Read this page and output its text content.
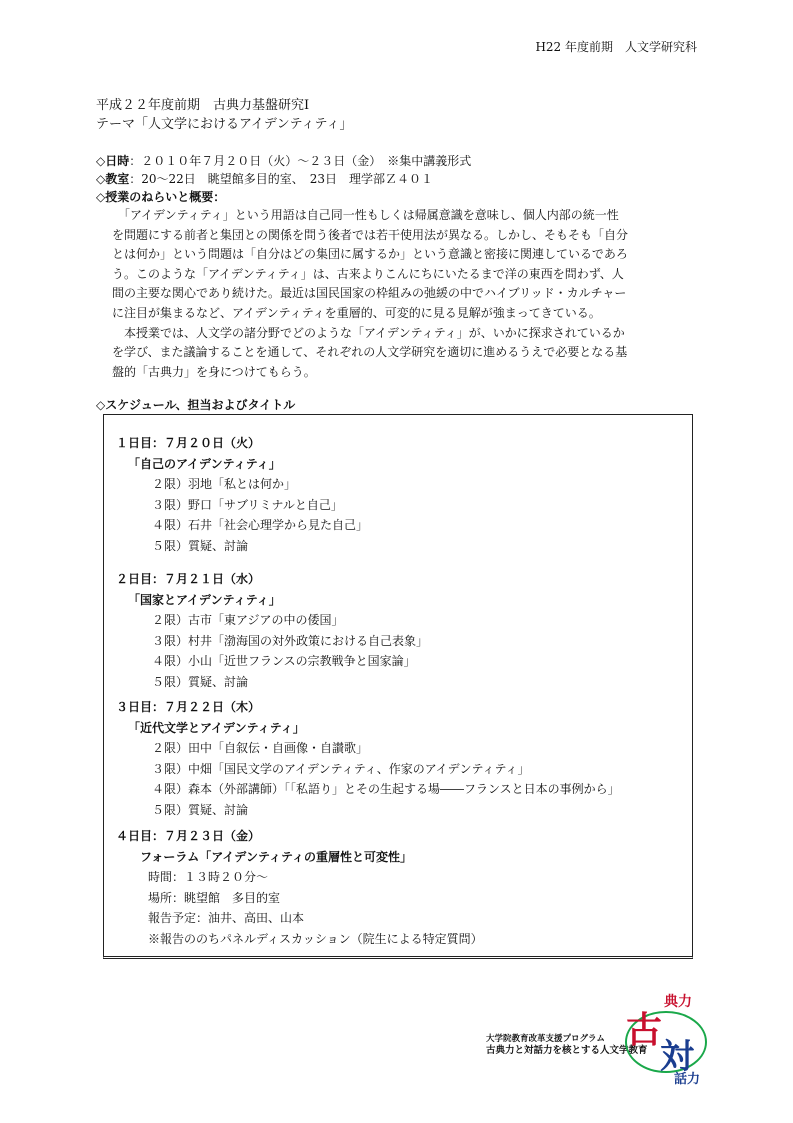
H22 年度前期　人文学研究科
平成２２年度前期　古典力基盤研究Ⅰ
テーマ「人文学におけるアイデンティティ」

◇日時：２０１０年７月２０日（火）～２３日（金）　※集中講義形式

◇教室：20～22日　眺望館多目的室、　23日　理学部Ｚ４０１

◇授業のねらいと概要：

　「アイデンティティ」という用語は自己同一性もしくは帰属意識を意味し、個人内部の統一性
を問題にする前者と集団との関係を問う後者では若干使用法が異なる。しかし、そもそも「自分
とは何か」という問題は「自分はどの集団に属するか」という意識と密接に関連しているであろ
う。このような「アイデンティティ」は、古来よりこんにちにいたるまで洋の東西を問わず、人
間の主要な関心であり続けた。最近は国民国家の枠組みの弛緩の中でハイブリッド・カルチャー
に注目が集まるなど、アイデンティティを重層的、可変的に見る見解が強まってきている。
　本授業では、人文学の諸分野でどのような「アイデンティティ」が、いかに探求されているか
を学び、また議論することを通して、それぞれの人文学研究を適切に進めるうえで必要となる基
盤的「古典力」を身につけてもらう。
◇スケジュール、担当およびタイトル
１日目：７月２０日（火）
「自己のアイデンティティ」
２限）羽地「私とは何か」
３限）野口「サブリミナルと自己」
４限）石井「社会心理学から見た自己」
５限）質疑、討論
２日目：７月２１日（水）
「国家とアイデンティティ」
２限）古市「東アジアの中の倭国」
３限）村井「渤海国の対外政策における自己表象」
４限）小山「近世フランスの宗教戦争と国家論」
５限）質疑、討論
３日目：７月２２日（木）
「近代文学とアイデンティティ」
２限）田中「自叙伝・自画像・自讃歌」
３限）中畑「国民文学のアイデンティティ、作家のアイデンティティ」
４限）森本（外部講師）「「私語り」とその生起する場――フランスと日本の事例から」
５限）質疑、討論
４日目：７月２３日（金）
フォーラム「アイデンティティの重層性と可変性」
時間：１３時２０分～
場所：眺望館　多目的室
報告予定：油井、高田、山本
※報告ののちパネルディスカッション（院生による特定質問）
大学院教育改革支援プログラム
古典力と対話力を核とする人文学教育
典力
古
対
話力
